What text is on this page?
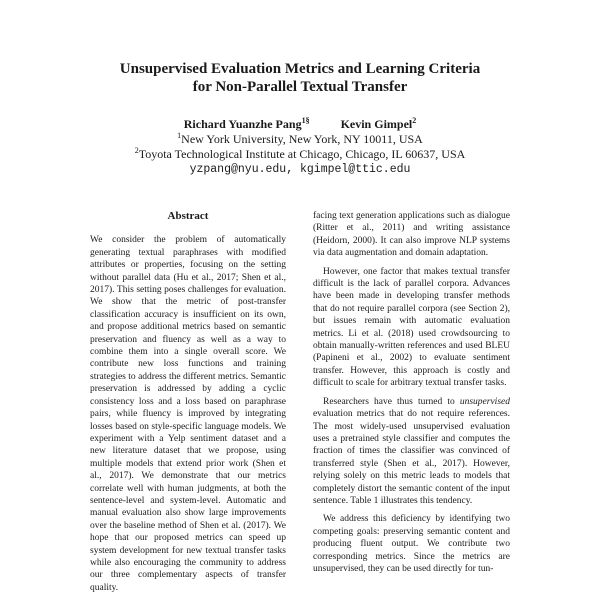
Unsupervised Evaluation Metrics and Learning Criteria
for Non-Parallel Textual Transfer
Richard Yuanzhe Pang$^{1\S}$	Kevin Gimpel$^2$
$^1$New York University, New York, NY 10011, USA
$^2$Toyota Technological Institute at Chicago, Chicago, IL 60637, USA
yzpang@nyu.edu, kgimpel@ttic.edu
Abstract

We consider the problem of automatically generating textual paraphrases with modified attributes or properties, focusing on the setting without parallel data (Hu et al., 2017; Shen et al., 2017). This setting poses challenges for evaluation. We show that the metric of post-transfer classification accuracy is insufficient on its own, and propose additional metrics based on semantic preservation and fluency as well as a way to combine them into a single overall score. We contribute new loss functions and training strategies to address the different metrics. Semantic preservation is addressed by adding a cyclic consistency loss and a loss based on paraphrase pairs, while fluency is improved by integrating losses based on style-specific language models. We experiment with a Yelp sentiment dataset and a new literature dataset that we propose, using multiple models that extend prior work (Shen et al., 2017). We demonstrate that our metrics correlate well with human judgments, at both the sentence-level and system-level. Automatic and manual evaluation also show large improvements over the baseline method of Shen et al. (2017). We hope that our proposed metrics can speed up system development for new textual transfer tasks while also encouraging the community to address our three complementary aspects of transfer quality.

facing text generation applications such as dialogue (Ritter et al., 2011) and writing assistance (Heidorn, 2000). It can also improve NLP systems via data augmentation and domain adaptation.

However, one factor that makes textual transfer difficult is the lack of parallel corpora. Advances have been made in developing transfer methods that do not require parallel corpora (see Section 2), but issues remain with automatic evaluation metrics. Li et al. (2018) used crowdsourcing to obtain manually-written references and used BLEU (Papineni et al., 2002) to evaluate sentiment transfer. However, this approach is costly and difficult to scale for arbitrary textual transfer tasks.

Researchers have thus turned to unsupervised evaluation metrics that do not require references. The most widely-used unsupervised evaluation uses a pretrained style classifier and computes the fraction of times the classifier was convinced of transferred style (Shen et al., 2017). However, relying solely on this metric leads to models that completely distort the semantic content of the input sentence. Table 1 illustrates this tendency.

We address this deficiency by identifying two competing goals: preserving semantic content and producing fluent output. We contribute two corresponding metrics. Since the metrics are unsupervised, they can be used directly for tun-
